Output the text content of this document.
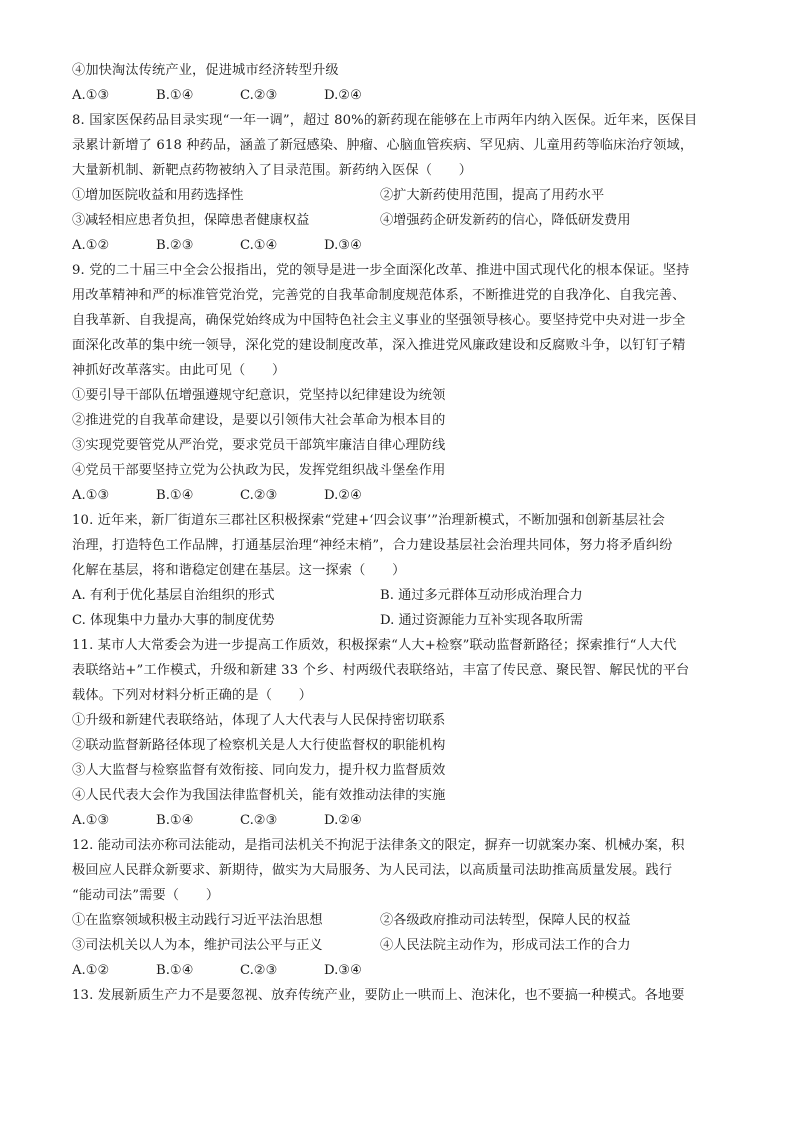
④加快淘汰传统产业，促进城市经济转型升级
A.①③	B.①④	C.②③	D.②④
8. 国家医保药品目录实现“一年一调”，超过 80%的新药现在能够在上市两年内纳入医保。近年来，医保目
录累计新增了 618 种药品，涵盖了新冠感染、肿瘤、心脑血管疾病、罕见病、儿童用药等临床治疗领域，
大量新机制、新靶点药物被纳入了目录范围。新药纳入医保（　　）
①增加医院收益和用药选择性	②扩大新药使用范围，提高了用药水平
③减轻相应患者负担，保障患者健康权益	④增强药企研发新药的信心，降低研发费用
A.①②	B.②③	C.①④	D.③④
9. 党的二十届三中全会公报指出，党的领导是进一步全面深化改革、推进中国式现代化的根本保证。坚持
用改革精神和严的标准管党治党，完善党的自我革命制度规范体系，不断推进党的自我净化、自我完善、
自我革新、自我提高，确保党始终成为中国特色社会主义事业的坚强领导核心。要坚持党中央对进一步全
面深化改革的集中统一领导，深化党的建设制度改革，深入推进党风廉政建设和反腐败斗争，以钉钉子精
神抓好改革落实。由此可见（　　）
①要引导干部队伍增强遵规守纪意识，党坚持以纪律建设为统领
②推进党的自我革命建设，是要以引领伟大社会革命为根本目的
③实现党要管党从严治党，要求党员干部筑牢廉洁自律心理防线
④党员干部要坚持立党为公执政为民，发挥党组织战斗堡垒作用
A.①③	B.①④	C.②③	D.②④
10. 近年来，新厂街道东三郡社区积极探索“党建+‘四会议事’”治理新模式，不断加强和创新基层社会
治理，打造特色工作品牌，打通基层治理“神经末梢”，合力建设基层社会治理共同体，努力将矛盾纠纷
化解在基层，将和谐稳定创建在基层。这一探索（　　）
A. 有利于优化基层自治组织的形式	B. 通过多元群体互动形成治理合力
C. 体现集中力量办大事的制度优势	D. 通过资源能力互补实现各取所需
11. 某市人大常委会为进一步提高工作质效，积极探索“人大+检察”联动监督新路径；探索推行“人大代
表联络站+”工作模式，升级和新建 33 个乡、村两级代表联络站，丰富了传民意、聚民智、解民忧的平台
载体。下列对材料分析正确的是（　　）
①升级和新建代表联络站，体现了人大代表与人民保持密切联系
②联动监督新路径体现了检察机关是人大行使监督权的职能机构
③人大监督与检察监督有效衔接、同向发力，提升权力监督质效
④人民代表大会作为我国法律监督机关，能有效推动法律的实施
A.①③	B.①④	C.②③	D.②④
12. 能动司法亦称司法能动，是指司法机关不拘泥于法律条文的限定，摒弃一切就案办案、机械办案，积
极回应人民群众新要求、新期待，做实为大局服务、为人民司法，以高质量司法助推高质量发展。践行
“能动司法”需要（　　）
①在监察领域积极主动践行习近平法治思想	②各级政府推动司法转型，保障人民的权益
③司法机关以人为本，维护司法公平与正义	④人民法院主动作为，形成司法工作的合力
A.①②	B.①④	C.②③	D.③④
13. 发展新质生产力不是要忽视、放弃传统产业，要防止一哄而上、泡沫化，也不要搞一种模式。各地要
